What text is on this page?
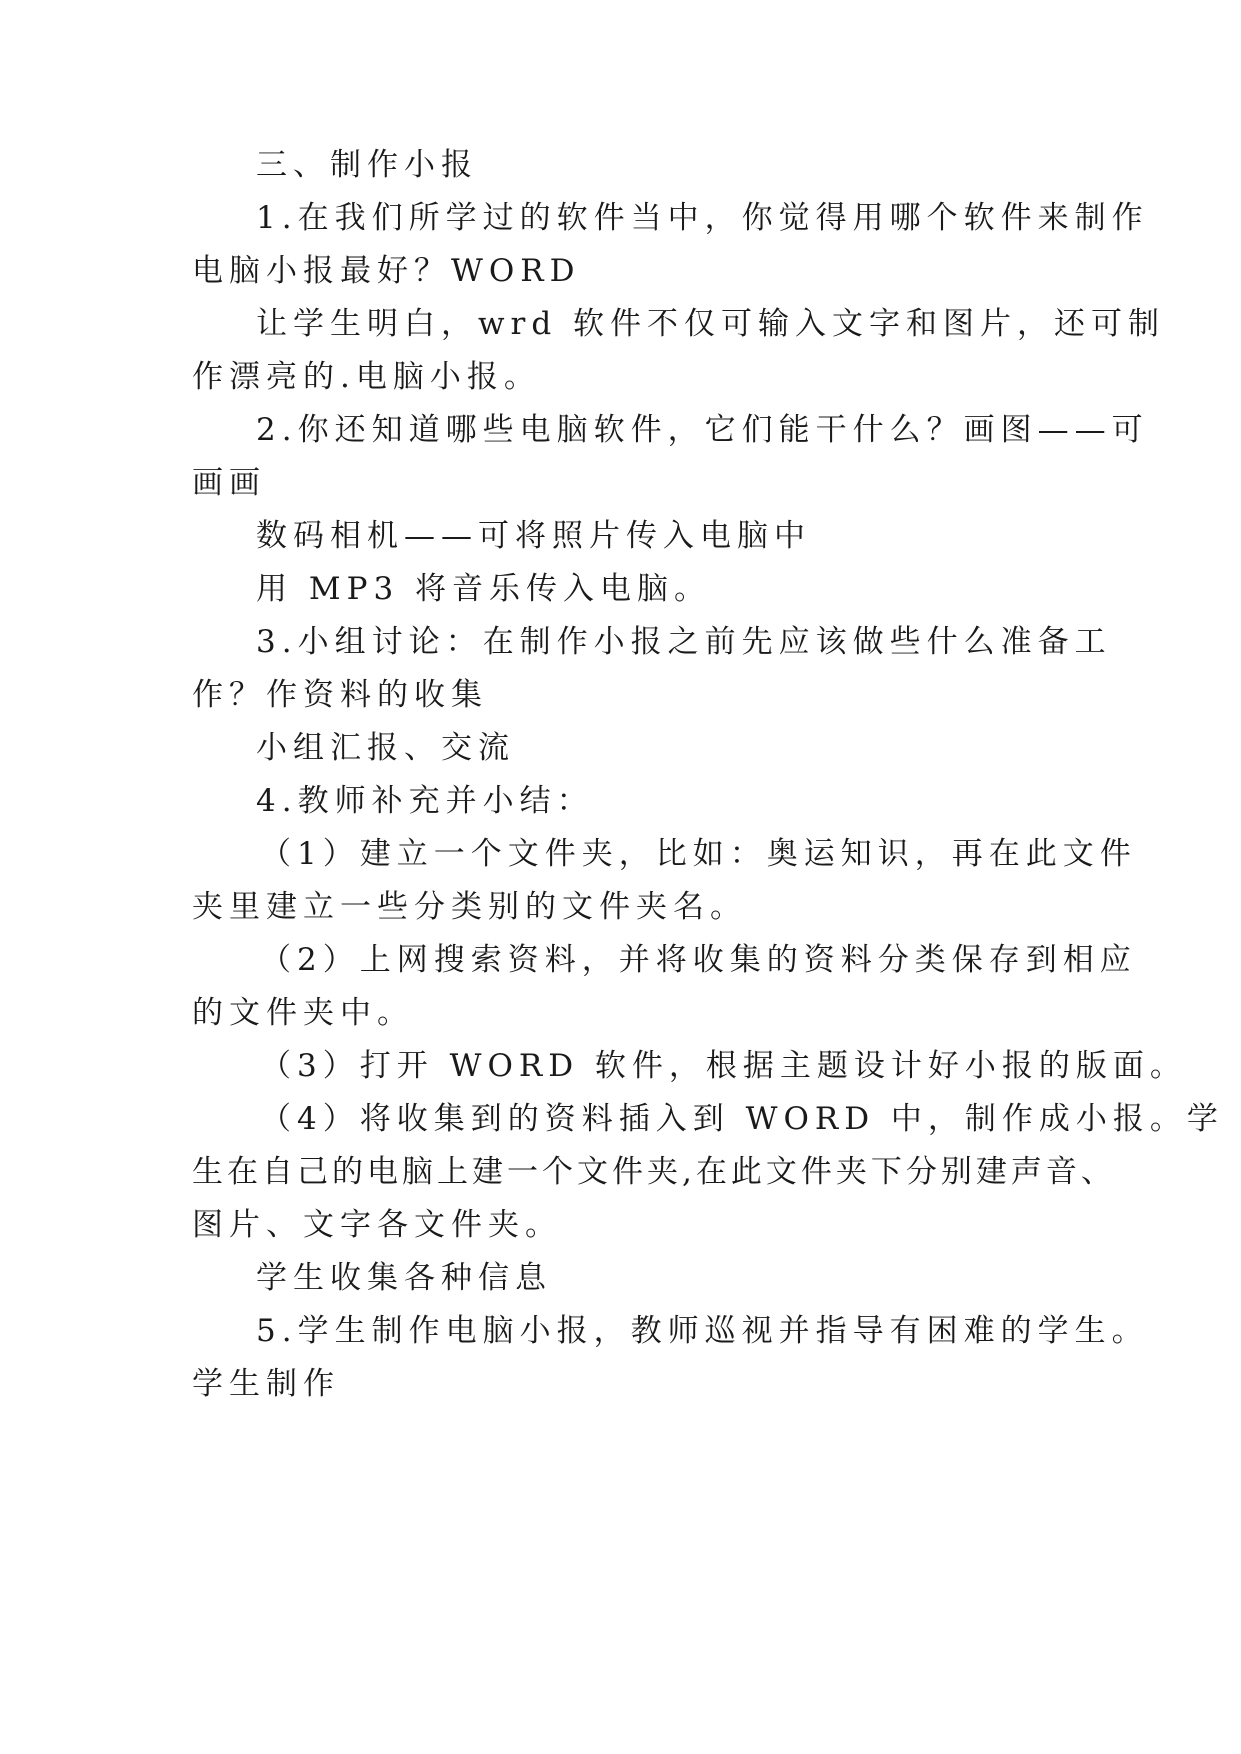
三、制作小报
1.在我们所学过的软件当中，你觉得用哪个软件来制作
电脑小报最好？WORD
让学生明白，wrd 软件不仅可输入文字和图片，还可制
作漂亮的.电脑小报。
2.你还知道哪些电脑软件，它们能干什么？画图——可
画画
数码相机——可将照片传入电脑中
用 MP3 将音乐传入电脑。
3.小组讨论：在制作小报之前先应该做些什么准备工
作？作资料的收集
小组汇报、交流
4.教师补充并小结：
（1）建立一个文件夹，比如：奥运知识，再在此文件
夹里建立一些分类别的文件夹名。
（2）上网搜索资料，并将收集的资料分类保存到相应
的文件夹中。
（3）打开 WORD 软件，根据主题设计好小报的版面。
（4）将收集到的资料插入到 WORD 中，制作成小报。学
生在自己的电脑上建一个文件夹,在此文件夹下分别建声音、
图片、文字各文件夹。
学生收集各种信息
5.学生制作电脑小报，教师巡视并指导有困难的学生。
学生制作
